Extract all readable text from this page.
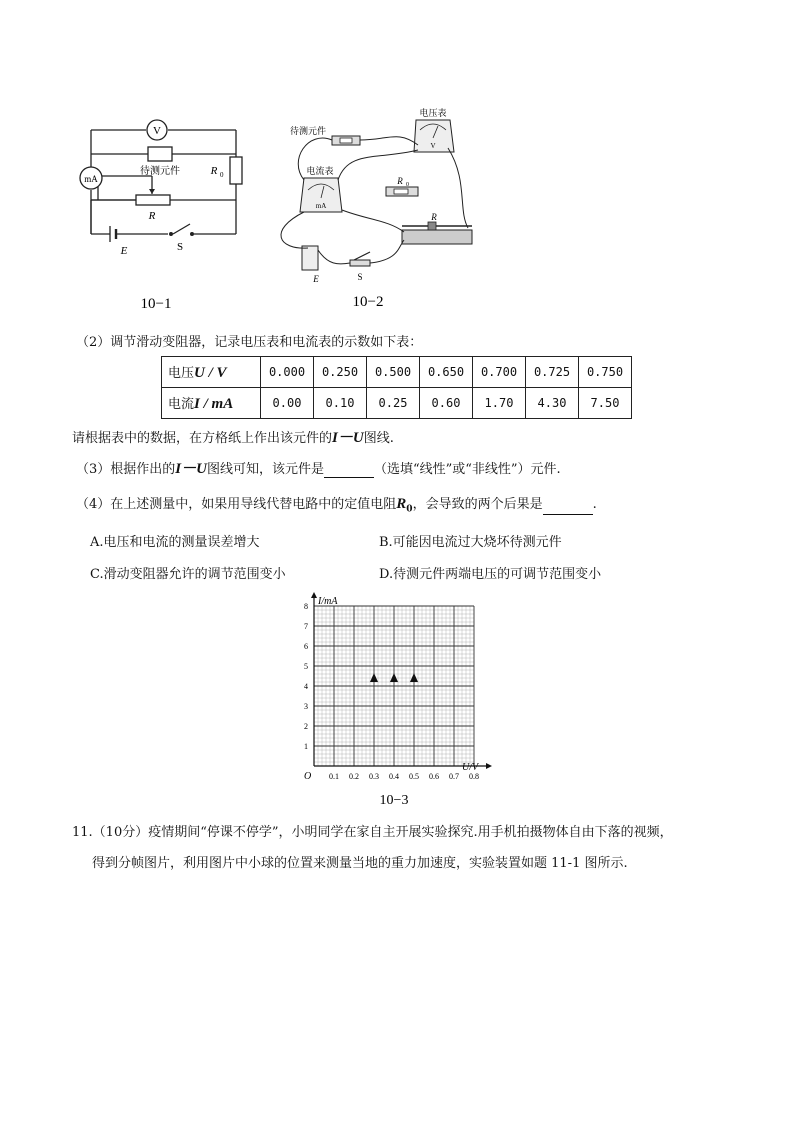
V
mA
待测元件	R 0
R
E	S
10−1
待测元件
电压表
电流表
V
mA
R 0
R
E	S
10−2
（2）调节滑动变阻器，记录电压表和电流表的示数如下表：
电压U / V	0.000	0.250	0.500	0.650	0.700	0.725	0.750
电流I / mA	0.00	0.10	0.25	0.60	1.70	4.30	7.50
请根据表中的数据，在方格纸上作出该元件的I－U图线.
（3）根据作出的I－U图线可知，该元件是	（选填“线性”或“非线性”）元件.
（4）在上述测量中，如果用导线代替电路中的定值电阻$R_0$，会导致的两个后果是	.
A.电压和电流的测量误差增大	B.可能因电流过大烧坏待测元件
C.滑动变阻器允许的调节范围变小	D.待测元件两端电压的可调节范围变小
0.1 0.2 0.3 0.4 0.5 0.6 0.7 0.8
1
2
3
4
5
6
7
8 I/mA
U/V
O
10−3
11.（10分）疫情期间“停课不停学”，小明同学在家自主开展实验探究.用手机拍摄物体自由下落的视频，
得到分帧图片，利用图片中小球的位置来测量当地的重力加速度，实验装置如题 11-1 图所示.
